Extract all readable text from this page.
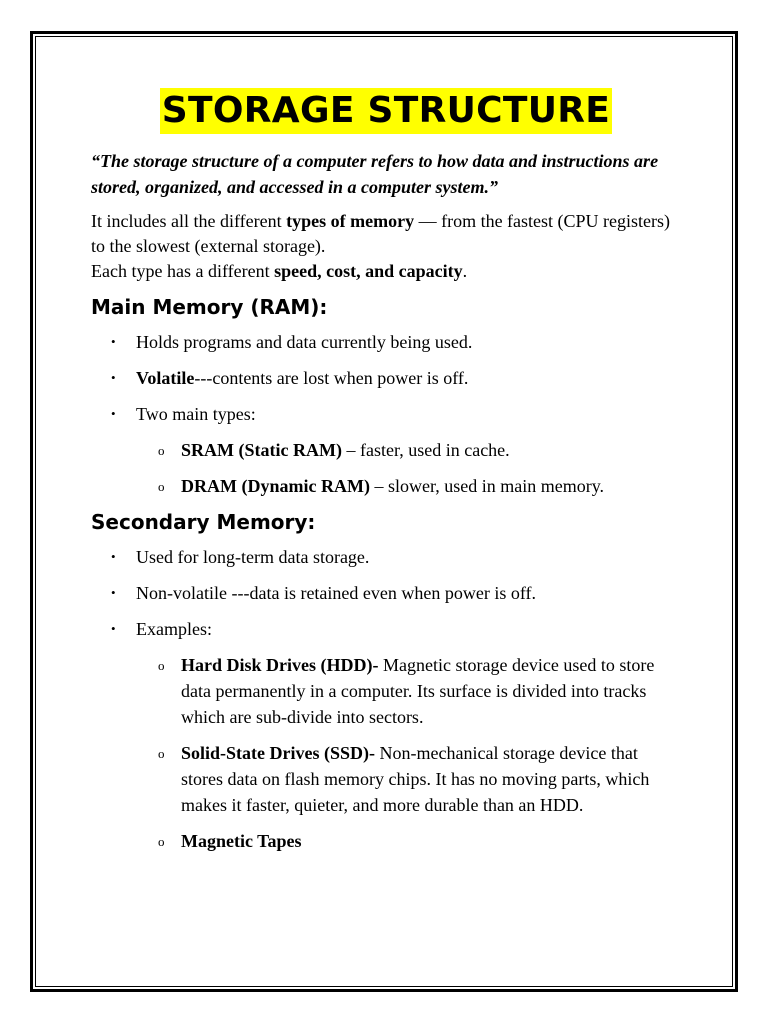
STORAGE STRUCTURE

“The storage structure of a computer refers to how data and instructions are stored, organized, and accessed in a computer system.”

It includes all the different types of memory — from the fastest (CPU registers) to the slowest (external storage).

Each type has a different speed, cost, and capacity.

Main Memory (RAM):
• Holds programs and data currently being used.
• Volatile---contents are lost when power is off.
• Two main types:
o SRAM (Static RAM) – faster, used in cache.
o DRAM (Dynamic RAM) – slower, used in main memory.
Secondary Memory:
• Used for long-term data storage.
• Non-volatile ---data is retained even when power is off.
• Examples:
o Hard Disk Drives (HDD)- Magnetic storage device used to store data permanently in a computer. Its surface is divided into tracks which are sub-divide into sectors.
o Solid-State Drives (SSD)- Non-mechanical storage device that stores data on flash memory chips. It has no moving parts, which makes it faster, quieter, and more durable than an HDD.
o Magnetic Tapes
